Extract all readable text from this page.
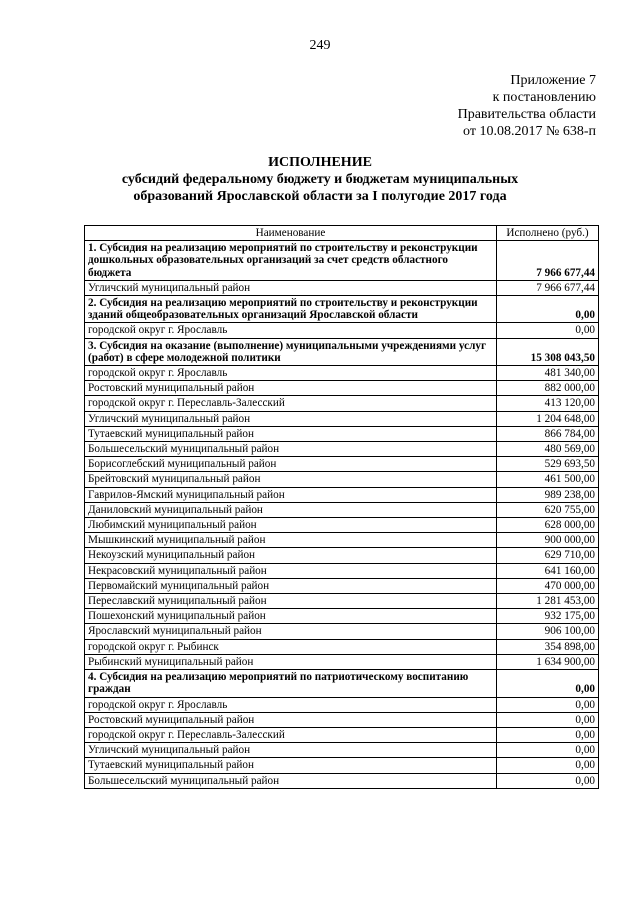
249
Приложение 7
к постановлению
Правительства области
от 10.08.2017 № 638-п
ИСПОЛНЕНИЕ
субсидий федеральному бюджету и бюджетам муниципальных
образований Ярославской области за I полугодие 2017 года
Наименование	Исполнено (руб.)
1. Субсидия на реализацию мероприятий по строительству и реконструкции дошкольных образовательных организаций за счет средств областного бюджета	7 966 677,44
Угличский муниципальный район	7 966 677,44
2. Субсидия на реализацию мероприятий по строительству и реконструкции зданий общеобразовательных организаций Ярославской области	0,00
городской округ г. Ярославль	0,00
3. Субсидия на оказание (выполнение) муниципальными учреждениями услуг (работ) в сфере молодежной политики	15 308 043,50
городской округ г. Ярославль	481 340,00
Ростовский муниципальный район	882 000,00
городской округ г. Переславль-Залесский	413 120,00
Угличский муниципальный район	1 204 648,00
Тутаевский муниципальный район	866 784,00
Большесельский муниципальный район	480 569,00
Борисоглебский муниципальный район	529 693,50
Брейтовский муниципальный район	461 500,00
Гаврилов-Ямский муниципальный район	989 238,00
Даниловский муниципальный район	620 755,00
Любимский муниципальный район	628 000,00
Мышкинский муниципальный район	900 000,00
Некоузский муниципальный район	629 710,00
Некрасовский муниципальный район	641 160,00
Первомайский муниципальный район	470 000,00
Переславский муниципальный район	1 281 453,00
Пошехонский муниципальный район	932 175,00
Ярославский муниципальный район	906 100,00
городской округ г. Рыбинск	354 898,00
Рыбинский муниципальный район	1 634 900,00
4. Субсидия на реализацию мероприятий по патриотическому воспитанию граждан	0,00
городской округ г. Ярославль	0,00
Ростовский муниципальный район	0,00
городской округ г. Переславль-Залесский	0,00
Угличский муниципальный район	0,00
Тутаевский муниципальный район	0,00
Большесельский муниципальный район	0,00
